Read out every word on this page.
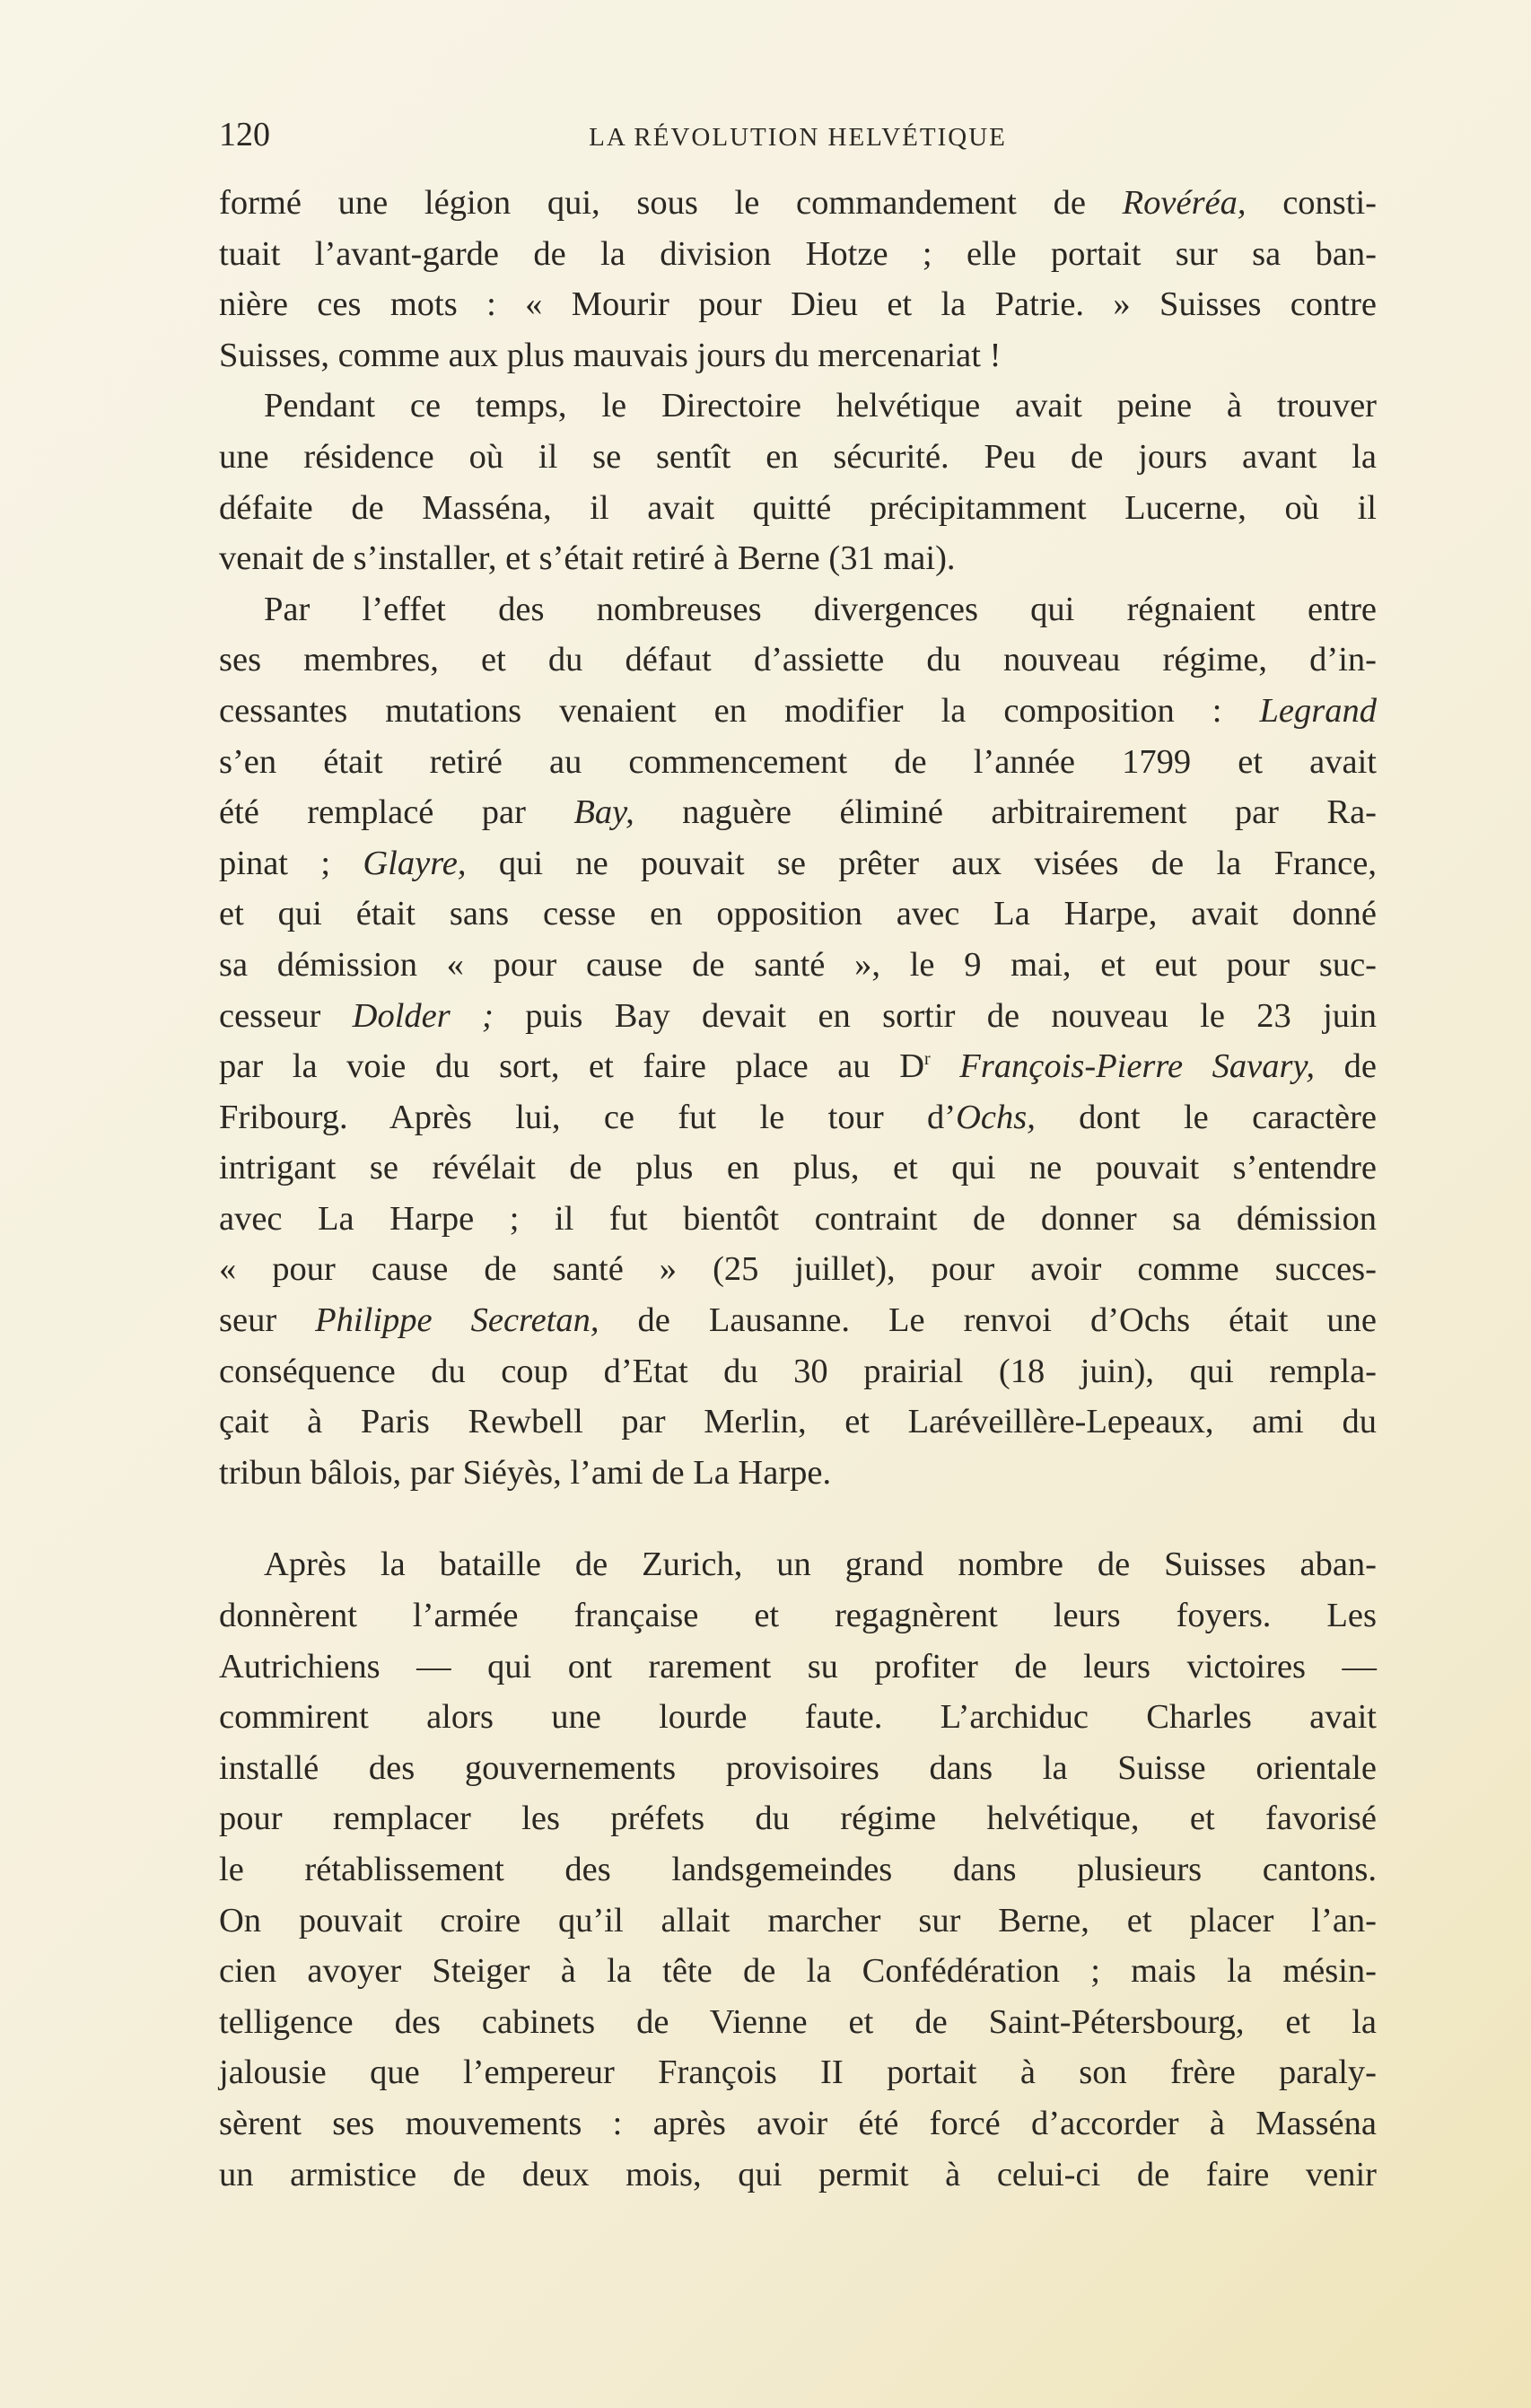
120	LA RÉVOLUTION HELVÉTIQUE

formé une légion qui, sous le commandement de Rovéréa, consti-
tuait l’avant-garde de la division Hotze ; elle portait sur sa ban-
nière ces mots : « Mourir pour Dieu et la Patrie. » Suisses contre
Suisses, comme aux plus mauvais jours du mercenariat !

Pendant ce temps, le Directoire helvétique avait peine à trouver
une résidence où il se sentît en sécurité. Peu de jours avant la
défaite de Masséna, il avait quitté précipitamment Lucerne, où il
venait de s’installer, et s’était retiré à Berne (31 mai).

Par l’effet des nombreuses divergences qui régnaient entre
ses membres, et du défaut d’assiette du nouveau régime, d’in-
cessantes mutations venaient en modifier la composition : Legrand
s’en était retiré au commencement de l’année 1799 et avait
été remplacé par Bay, naguère éliminé arbitrairement par Ra-
pinat ; Glayre, qui ne pouvait se prêter aux visées de la France,
et qui était sans cesse en opposition avec La Harpe, avait donné
sa démission « pour cause de santé », le 9 mai, et eut pour suc-
cesseur Dolder ; puis Bay devait en sortir de nouveau le 23 juin
par la voie du sort, et faire place au $D^r$ François-Pierre Savary, de
Fribourg. Après lui, ce fut le tour d’Ochs, dont le caractère
intrigant se révélait de plus en plus, et qui ne pouvait s’entendre
avec La Harpe ; il fut bientôt contraint de donner sa démission
« pour cause de santé » (25 juillet), pour avoir comme succes-
seur Philippe Secretan, de Lausanne. Le renvoi d’Ochs était une
conséquence du coup d’Etat du 30 prairial (18 juin), qui rempla-
çait à Paris Rewbell par Merlin, et Laréveillère-Lepeaux, ami du
tribun bâlois, par Siéyès, l’ami de La Harpe.

Après la bataille de Zurich, un grand nombre de Suisses aban-
donnèrent l’armée française et regagnèrent leurs foyers. Les
Autrichiens — qui ont rarement su profiter de leurs victoires —
commirent alors une lourde faute. L’archiduc Charles avait
installé des gouvernements provisoires dans la Suisse orientale
pour remplacer les préfets du régime helvétique, et favorisé
le rétablissement des landsgemeindes dans plusieurs cantons.
On pouvait croire qu’il allait marcher sur Berne, et placer l’an-
cien avoyer Steiger à la tête de la Confédération ; mais la mésin-
telligence des cabinets de Vienne et de Saint-Pétersbourg, et la
jalousie que l’empereur François II portait à son frère paraly-
sèrent ses mouvements : après avoir été forcé d’accorder à Masséna
un armistice de deux mois, qui permit à celui-ci de faire venir
